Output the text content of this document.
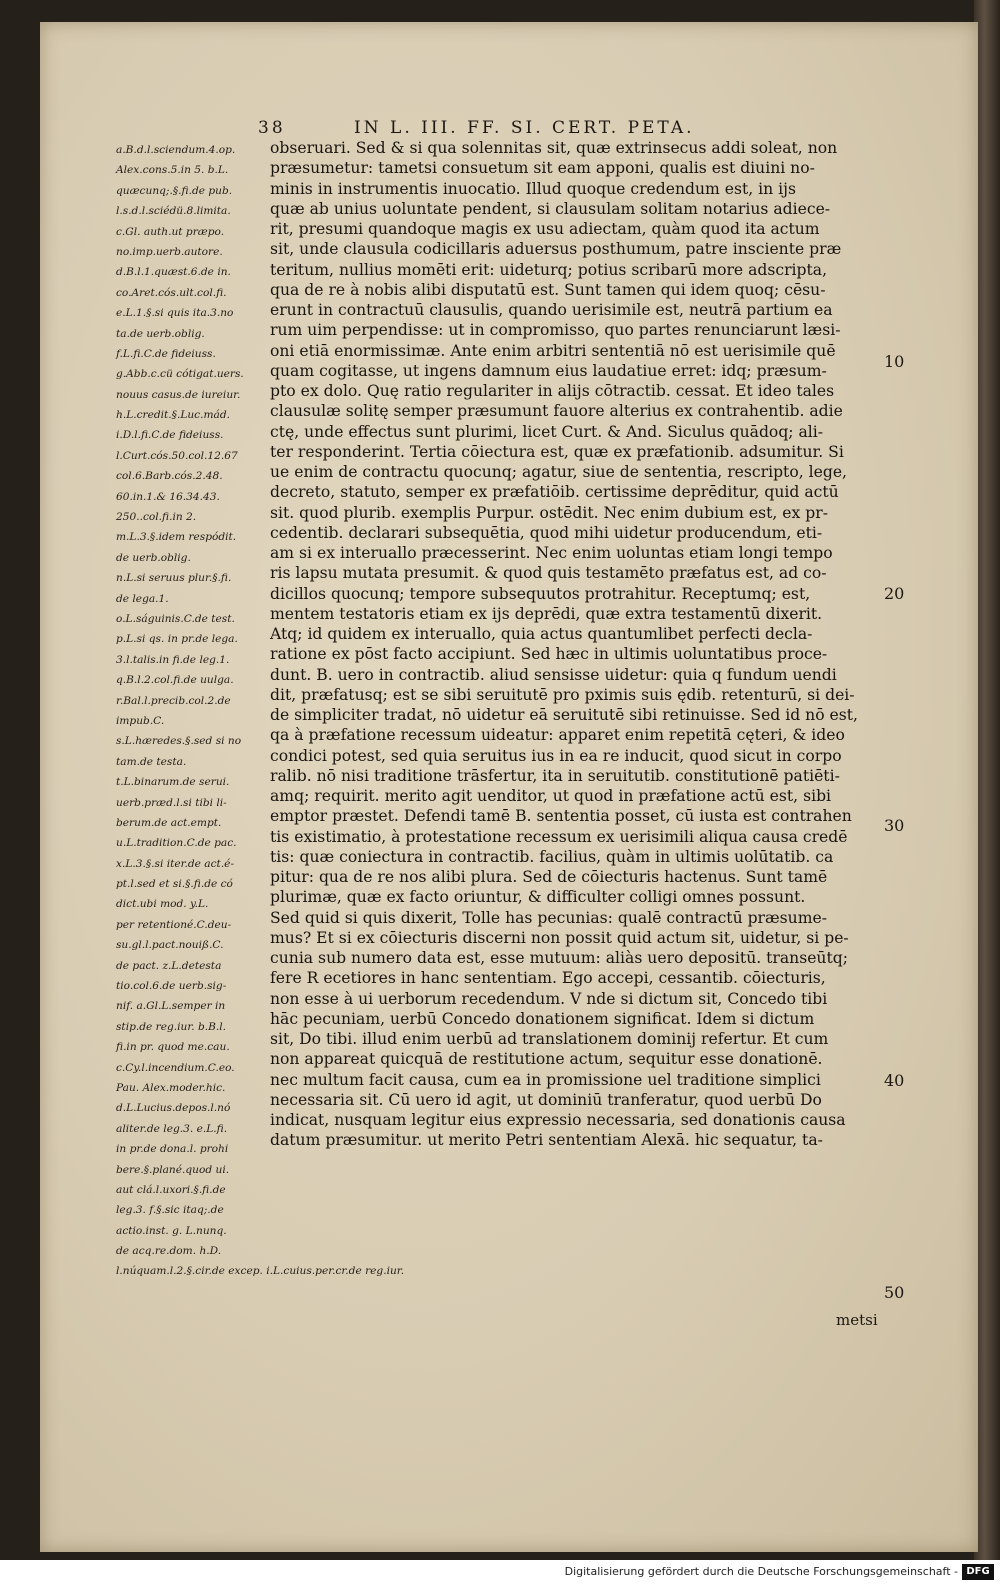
38	IN L. III. FF. SI. CERT. PETA.
a.B.d.l.sciendum.4.op.
Alex.cons.5.in 5. b.L.
quæcunq;.§.fi.de pub.
l.s.d.l.sciédü.8.limita.
c.Gl. auth.ut præpo.
no.imp.uerb.autore.
d.B.l.1.quæst.6.de in.
co.Aret.cós.ult.col.fi.
e.L.1.§.si quis ita.3.no
ta.de uerb.oblig.
f.L.fi.C.de fideiuss.
g.Abb.c.cü cótigat.uers.
nouus casus.de iureiur.
h.L.credit.§.Luc.mád.
i.D.l.fi.C.de fideiuss.
l.Curt.cós.50.col.12.67
col.6.Barb.cós.2.48.
60.in.1.& 16.34.43.
250..col.fi.in 2.
m.L.3.§.idem respódit.
de uerb.oblig.
n.L.si seruus plur.§.fi.
de lega.1.
o.L.ságuinis.C.de test.
p.L.si qs. in pr.de lega.
3.l.talis.in fi.de leg.1.
q.B.l.2.col.fi.de uulga.
r.Bal.l.precib.col.2.de
impub.C.
s.L.hæredes.§.sed si no
tam.de testa.
t.L.binarum.de serui.
uerb.præd.l.si tibi li-
berum.de act.empt.
u.L.tradition.C.de pac.
x.L.3.§.si iter.de act.é-
pt.l.sed et si.§.fi.de có
dict.ubi mod. y.L.
per retentioné.C.deu-
su.gl.l.pact.nouiß.C.
de pact. z.L.detesta
tio.col.6.de uerb.sig-
nif. a.Gl.L.semper in
stip.de reg.iur. b.B.l.
fi.in pr. quod me.cau.
c.Cy.l.incendium.C.eo.
Pau. Alex.moder.hic.
d.L.Lucius.depos.l.nó
aliter.de leg.3. e.L.fi.
in pr.de dona.l. prohi
bere.§.plané.quod ui.
aut clá.l.uxori.§.fi.de
leg.3. f.§.sic itaq;.de
actio.inst. g. L.nunq.
de acq.re.dom. h.D.
l.núquam.l.2.§.cir.de excep. i.L.cuius.per.cr.de reg.iur.
obseruari. Sed & si qua solennitas sit, quæ extrinsecus addi soleat, non
præsumetur: tametsi consuetum sit eam apponi, qualis est diuini no-
minis in instrumentis inuocatio. Illud quoque credendum est, in ijs
quæ ab unius uoluntate pendent, si clausulam solitam notarius adiece-
rit, presumi quandoque magis ex usu adiectam, quàm quod ita actum
sit, unde clausula codicillaris aduersus posthumum, patre insciente præ
teritum, nullius momēti erit: uideturq; potius scribarū more adscripta,
qua de re à nobis alibi disputatū est. Sunt tamen qui idem quoq; cēsu-
erunt in contractuū clausulis, quando uerisimile est, neutrā partium ea
rum uim perpendisse: ut in compromisso, quo partes renunciarunt læsi-
oni etiā enormissimæ. Ante enim arbitri sententiā nō est uerisimile quē
quam cogitasse, ut ingens damnum eius laudatiue erret: idq; præsum-
pto ex dolo. Quę ratio regulariter in alijs cōtractib. cessat. Et ideo tales
clausulæ solitę semper præsumunt fauore alterius ex contrahentib. adie
ctę, unde effectus sunt plurimi, licet Curt. & And. Siculus quādoq; ali-
ter responderint. Tertia cōiectura est, quæ ex præfationib. adsumitur. Si
ue enim de contractu quocunq; agatur, siue de sententia, rescripto, lege,
decreto, statuto, semper ex præfatiōib. certissime deprēditur, quid actū
sit. quod plurib. exemplis Purpur. ostēdit. Nec enim dubium est, ex pr-
cedentib. declarari subsequētia, quod mihi uidetur producendum, eti-
am si ex interuallo præcesserint. Nec enim uoluntas etiam longi tempo
ris lapsu mutata presumit. & quod quis testamēto præfatus est, ad co-
dicillos quocunq; tempore subsequutos protrahitur. Receptumq; est,
mentem testatoris etiam ex ijs deprēdi, quæ extra testamentū dixerit.
Atq; id quidem ex interuallo, quia actus quantumlibet perfecti decla-
ratione ex pōst facto accipiunt. Sed hæc in ultimis uoluntatibus proce-
dunt. B. uero in contractib. aliud sensisse uidetur: quia q fundum uendi
dit, præfatusq; est se sibi seruitutē pro pximis suis ędib. retenturū, si dei-
de simpliciter tradat, nō uidetur eā seruitutē sibi retinuisse. Sed id nō est,
qa à præfatione recessum uideatur: apparet enim repetitā cęteri, & ideo
condici potest, sed quia seruitus ius in ea re inducit, quod sicut in corpo
ralib. nō nisi traditione trāsfertur, ita in seruitutib. constitutionē patiēti-
amq; requirit. merito agit uenditor, ut quod in præfatione actū est, sibi
emptor præstet. Defendi tamē B. sententia posset, cū iusta est contrahen
tis existimatio, à protestatione recessum ex uerisimili aliqua causa credē
tis: quæ coniectura in contractib. facilius, quàm in ultimis uolūtatib. ca
pitur: qua de re nos alibi plura. Sed de cōiecturis hactenus. Sunt tamē
plurimæ, quæ ex facto oriuntur, & difficulter colligi omnes possunt.
Sed quid si quis dixerit, Tolle has pecunias: qualē contractū præsume-
mus? Et si ex cōiecturis discerni non possit quid actum sit, uidetur, si pe-
cunia sub numero data est, esse mutuum: aliàs uero depositū. transeūtq;
fere R ecetiores in hanc sententiam. Ego accepi, cessantib. cōiecturis,
non esse à ui uerborum recedendum. V nde si dictum sit, Concedo tibi
hāc pecuniam, uerbū Concedo donationem significat. Idem si dictum
sit, Do tibi. illud enim uerbū ad translationem dominij refertur. Et cum
non appareat quicquā de restitutione actum, sequitur esse donationē.
nec multum facit causa, cum ea in promissione uel traditione simplici
necessaria sit. Cū uero id agit, ut dominiū tranferatur, quod uerbū Do
indicat, nusquam legitur eius expressio necessaria, sed donationis causa
datum præsumitur. ut merito Petri sententiam Alexā. hic sequatur, ta-
10
20
30
40
50
metsi
Digitalisierung gefördert durch die Deutsche Forschungsgemeinschaft - DFG
